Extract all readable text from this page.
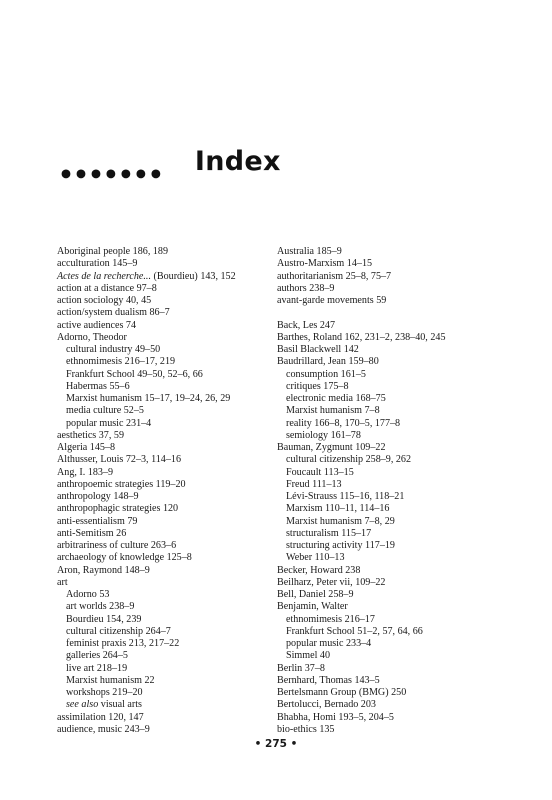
••••••• Index
Aboriginal people 186, 189
acculturation 145–9
Actes de la recherche... (Bourdieu) 143, 152
action at a distance 97–8
action sociology 40, 45
action/system dualism 86–7
active audiences 74
Adorno, Theodor
cultural industry 49–50
ethnomimesis 216–17, 219
Frankfurt School 49–50, 52–6, 66
Habermas 55–6
Marxist humanism 15–17, 19–24, 26, 29
media culture 52–5
popular music 231–4
aesthetics 37, 59
Algeria 145–8
Althusser, Louis 72–3, 114–16
Ang, I. 183–9
anthropoemic strategies 119–20
anthropology 148–9
anthropophagic strategies 120
anti-essentialism 79
anti-Semitism 26
arbitrariness of culture 263–6
archaeology of knowledge 125–8
Aron, Raymond 148–9
art
Adorno 53
art worlds 238–9
Bourdieu 154, 239
cultural citizenship 264–7
feminist praxis 213, 217–22
galleries 264–5
live art 218–19
Marxist humanism 22
workshops 219–20
see also visual arts
assimilation 120, 147
audience, music 243–9
Australia 185–9
Austro-Marxism 14–15
authoritarianism 25–8, 75–7
authors 238–9
avant-garde movements 59
Back, Les 247
Barthes, Roland 162, 231–2, 238–40, 245
Basil Blackwell 142
Baudrillard, Jean 159–80
consumption 161–5
critiques 175–8
electronic media 168–75
Marxist humanism 7–8
reality 166–8, 170–5, 177–8
semiology 161–78
Bauman, Zygmunt 109–22
cultural citizenship 258–9, 262
Foucault 113–15
Freud 111–13
Lévi-Strauss 115–16, 118–21
Marxism 110–11, 114–16
Marxist humanism 7–8, 29
structuralism 115–17
structuring activity 117–19
Weber 110–13
Becker, Howard 238
Beilharz, Peter vii, 109–22
Bell, Daniel 258–9
Benjamin, Walter
ethnomimesis 216–17
Frankfurt School 51–2, 57, 64, 66
popular music 233–4
Simmel 40
Berlin 37–8
Bernhard, Thomas 143–5
Bertelsmann Group (BMG) 250
Bertolucci, Bernado 203
Bhabha, Homi 193–5, 204–5
bio-ethics 135
• 275 •
